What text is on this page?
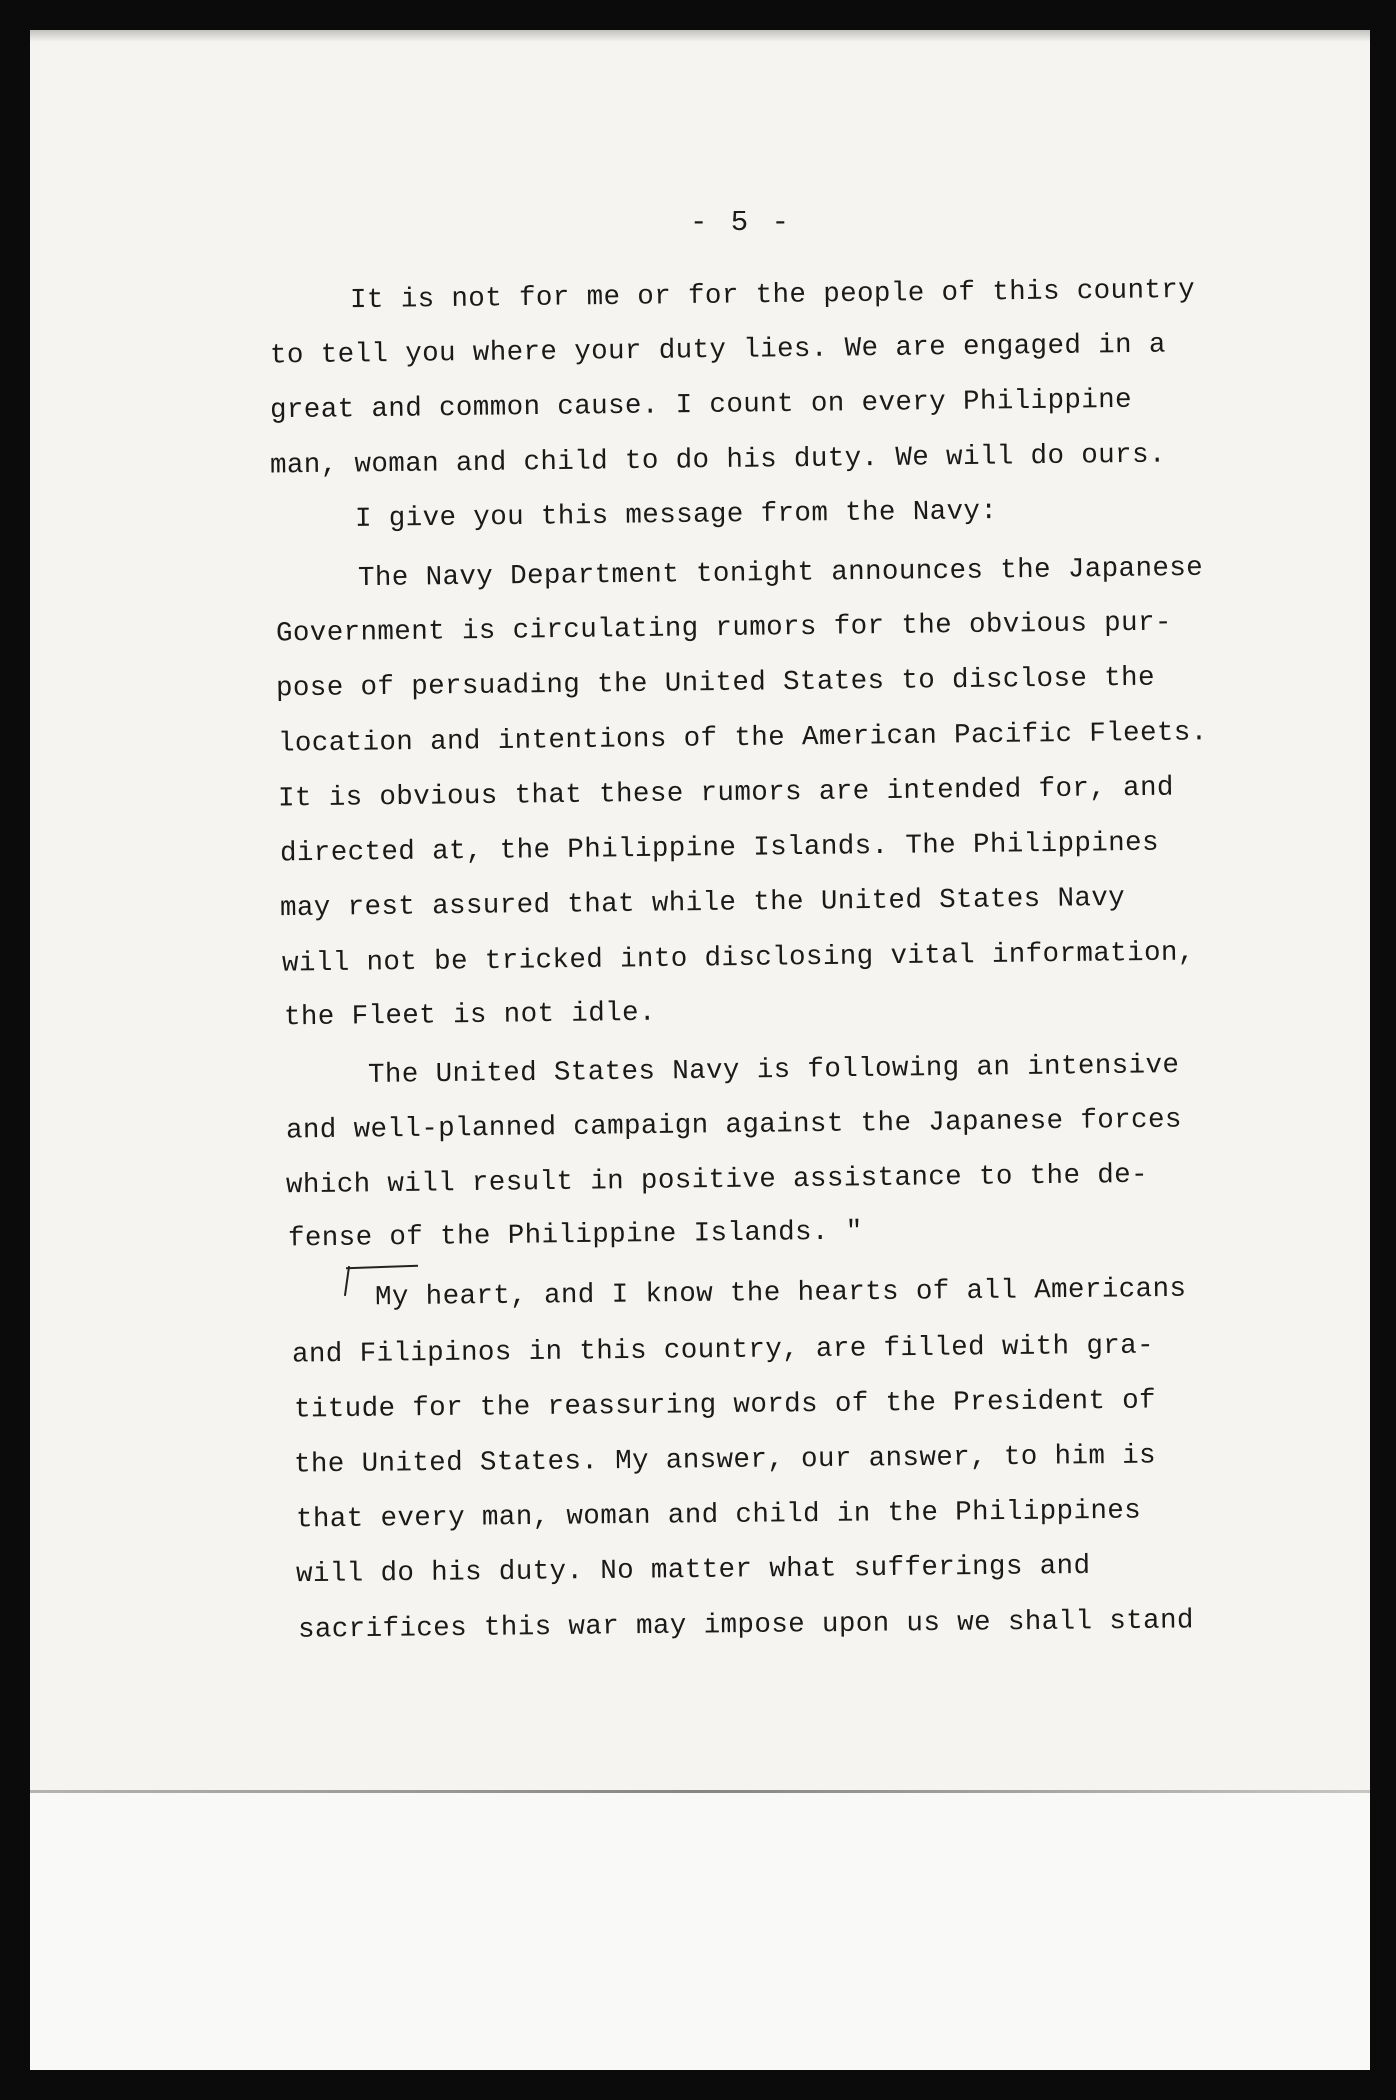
- 5 -
It is not for me or for the people of this country
to tell you where your duty lies. We are engaged in a
great and common cause. I count on every Philippine
man, woman and child to do his duty. We will do ours.
I give you this message from the Navy:
The Navy Department tonight announces the Japanese
Government is circulating rumors for the obvious pur-
pose of persuading the United States to disclose the
location and intentions of the American Pacific Fleets.
It is obvious that these rumors are intended for, and
directed at, the Philippine Islands. The Philippines
may rest assured that while the United States Navy
will not be tricked into disclosing vital information,
the Fleet is not idle.
The United States Navy is following an intensive
and well-planned campaign against the Japanese forces
which will result in positive assistance to the de-
fense of the Philippine Islands. "
My heart, and I know the hearts of all Americans
and Filipinos in this country, are filled with gra-
titude for the reassuring words of the President of
the United States. My answer, our answer, to him is
that every man, woman and child in the Philippines
will do his duty. No matter what sufferings and
sacrifices this war may impose upon us we shall stand
